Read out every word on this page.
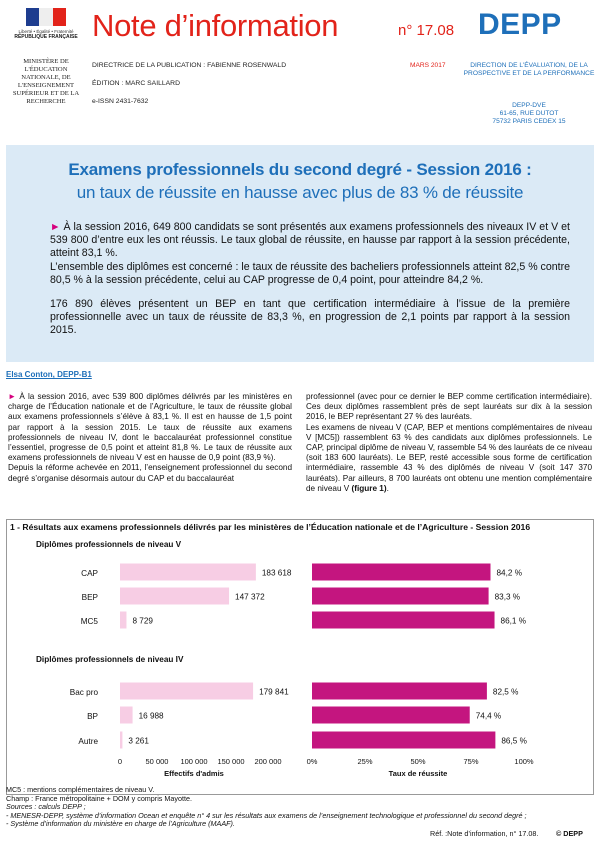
Liberté • Égalité • Fraternité
RÉPUBLIQUE FRANÇAISE
MINISTÈRE DE L'ÉDUCATION NATIONALE, DE L'ENSEIGNEMENT SUPÉRIEUR ET DE LA RECHERCHE
Note d’information	n° 17.08 DEPP
DIRECTRICE DE LA PUBLICATION : FABIENNE ROSENWALD
ÉDITION : MARC SAILLARD
e-ISSN 2431-7632
MARS 2017	DIRECTION DE L'ÉVALUATION, DE LA PROSPECTIVE ET DE LA PERFORMANCE
DEPP-DVE
61-65, RUE DUTOT
75732 PARIS CEDEX 15
Examens professionnels du second degré - Session 2016 :
un taux de réussite en hausse avec plus de 83 % de réussite

► À la session 2016, 649 800 candidats se sont présentés aux examens professionnels des niveaux IV et V et 539 800 d’entre eux les ont réussis. Le taux global de réussite, en hausse par rapport à la session précédente, atteint 83,1 %.

L’ensemble des diplômes est concerné : le taux de réussite des bacheliers professionnels atteint 82,5 % contre 80,5 % à la session précédente, celui au CAP progresse de 0,4 point, pour atteindre 84,2 %.

176 890 élèves présentent un BEP en tant que certification intermédiaire à l’issue de la première professionnelle avec un taux de réussite de 83,3 %, en progression de 2,1 points par rapport à la session 2015.

Elsa Conton, DEPP-B1

► À la session 2016, avec 539 800 diplômes délivrés par les ministères en charge de l’Éducation nationale et de l’Agriculture, le taux de réussite global aux examens professionnels s’élève à 83,1 %. Il est en hausse de 1,5 point par rapport à la session 2015. Le taux de réussite aux examens professionnels de niveau IV, dont le baccalauréat professionnel constitue l’essentiel, progresse de 0,5 point et atteint 81,8 %. Le taux de réussite aux examens professionnels de niveau V est en hausse de 0,9 point (83,9 %).

Depuis la réforme achevée en 2011, l’enseignement professionnel du second degré s’organise désormais autour du CAP et du baccalauréat

professionnel (avec pour ce dernier le BEP comme certification intermédiaire). Ces deux diplômes rassemblent près de sept lauréats sur dix à la session 2016, le BEP représentant 27 % des lauréats.

Les examens de niveau V (CAP, BEP et mentions complémentaires de niveau V [MC5]) rassemblent 63 % des candidats aux diplômes professionnels. Le CAP, principal diplôme de niveau V, rassemble 54 % des lauréats de ce niveau (soit 183 600 lauréats). Le BEP, resté accessible sous forme de certification intermédiaire, rassemble 43 % des diplômés de niveau V (soit 147 370 lauréats). Par ailleurs, 8 700 lauréats ont obtenu une mention complémentaire de niveau V (figure 1).

1 - Résultats aux examens professionnels délivrés par les ministères de l’Éducation nationale et de l’Agriculture - Session 2016
Diplômes professionnels de niveau V
Diplômes professionnels de niveau IV
CAP
BEP
MC5
Bac pro
BP
Autre
183 618
147 372
8 729
179 841
16 988
3 261
0	50 000 100 000 150 000 200 000
Effectifs d'admis
84,2 %
83,3 %
86,1 %
82,5 %
74,4 %
86,5 %
0%	25%	50%	75%	100%
Taux de réussite
MC5 : mentions complémentaires de niveau V.
Champ : France métropolitaine + DOM y compris Mayotte.
Sources : calculs DEPP ;
- MENESR-DEPP, système d’information Ocean et enquête n° 4 sur les résultats aux examens de l’enseignement technologique et professionnel du second degré ;
- Système d’information du ministère en charge de l’Agriculture (MAAF).
Réf. :Note d’information, n° 17.08. © DEPP
